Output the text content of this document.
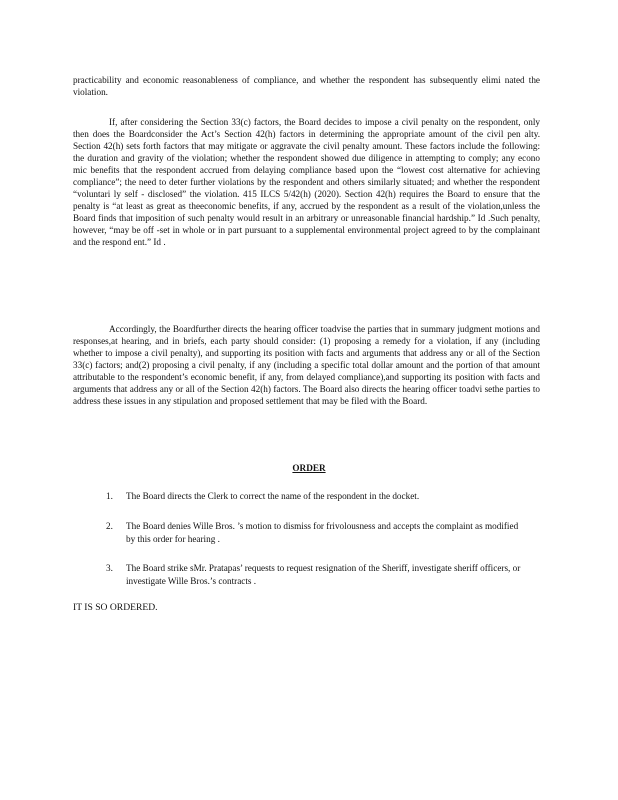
practicability and economic reasonableness of compliance, and whether the respondent has subsequently elimi nated the violation.

If, after considering the Section 33(c) factors, the Board decides to impose a civil penalty on the respondent, only then does the Boardconsider the Act’s Section 42(h) factors in determining the appropriate amount of the civil pen alty. Section 42(h) sets forth factors that may mitigate or aggravate the civil penalty amount. These factors include the following: the duration and gravity of the violation; whether the respondent showed due diligence in attempting to comply; any econo mic benefits that the respondent accrued from delaying compliance based upon the “lowest cost alternative for achieving compliance”; the need to deter further violations by the respondent and others similarly situated; and whether the respondent “voluntari ly self - disclosed” the violation. 415 ILCS 5/42(h) (2020). Section 42(h) requires the Board to ensure that the penalty is “at least as great as theeconomic benefits, if any, accrued by the respondent as a result of the violation,unless the Board finds that imposition of such penalty would result in an arbitrary or unreasonable financial hardship.” Id .Such penalty, however, “may be off -set in whole or in part pursuant to a supplemental environmental project agreed to by the complainant and the respond ent.” Id .

Accordingly, the Boardfurther directs the hearing officer toadvise the parties that in summary judgment motions and responses,at hearing, and in briefs, each party should consider: (1) proposing a remedy for a violation, if any (including whether to impose a civil penalty), and supporting its position with facts and arguments that address any or all of the Section 33(c) factors; and(2) proposing a civil penalty, if any (including a specific total dollar amount and the portion of that amount attributable to the respondent’s economic benefit, if any, from delayed compliance),and supporting its position with facts and arguments that address any or all of the Section 42(h) factors. The Board also directs the hearing officer toadvi sethe parties to address these issues in any stipulation and proposed settlement that may be filed with the Board.

ORDER

1.	The Board directs the Clerk to correct the name of the respondent in the docket.
2.	The Board denies Wille Bros. ’s motion to dismiss for frivolousness and accepts the complaint as modified by this order for hearing .
3.	The Board strike sMr. Pratapas’ requests to request resignation of the Sheriff, investigate sheriff officers, or investigate Wille Bros.’s contracts .

IT IS SO ORDERED.
